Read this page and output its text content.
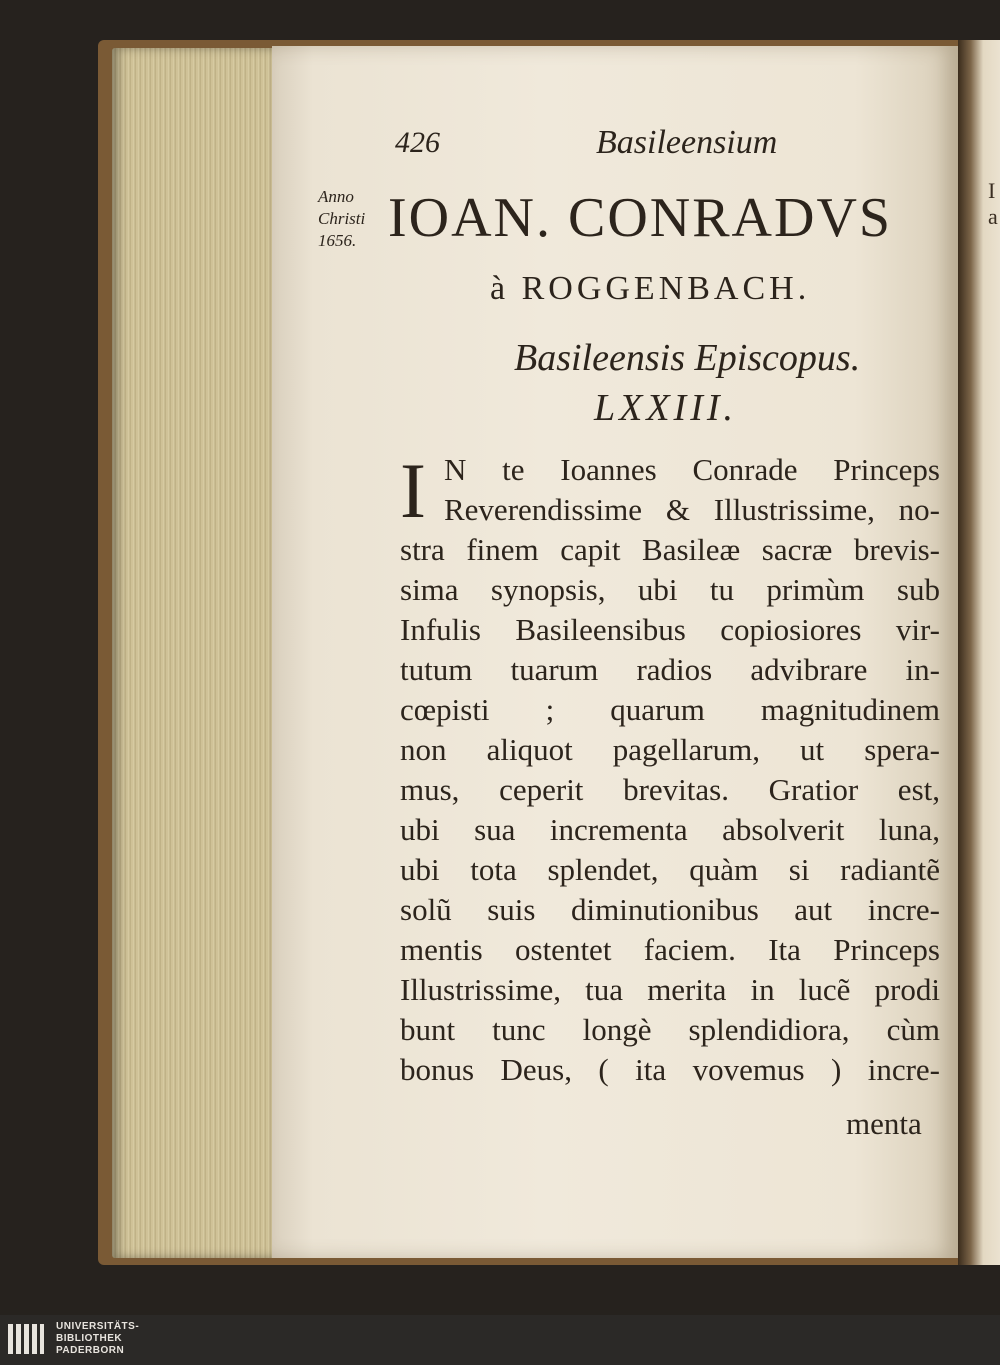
I
a
426	Basileensium
Anno
Christi
1656. IOAN. CONRADVS
à ROGGENBACH.
Basileensis Episcopus.
LXXIII.
I N te Ioannes Conrade Princeps
Reverendissime & Illustrissime, no-
stra finem capit Basileæ sacræ brevis-
sima synopsis, ubi tu primùm sub
Infulis Basileensibus copiosiores vir-
tutum tuarum radios advibrare in-
cœpisti ; quarum magnitudinem
non aliquot pagellarum, ut spera-
mus, ceperit brevitas. Gratior est,
ubi sua incrementa absolverit luna,
ubi tota splendet, quàm si radiantẽ
solũ suis diminutionibus aut incre-
mentis ostentet faciem. Ita Princeps
Illustrissime, tua merita in lucẽ prodi
bunt tunc longè splendidiora, cùm
bonus Deus, ( ita vovemus ) incre-
menta
UNIVERSITÄTS-
BIBLIOTHEK
PADERBORN
